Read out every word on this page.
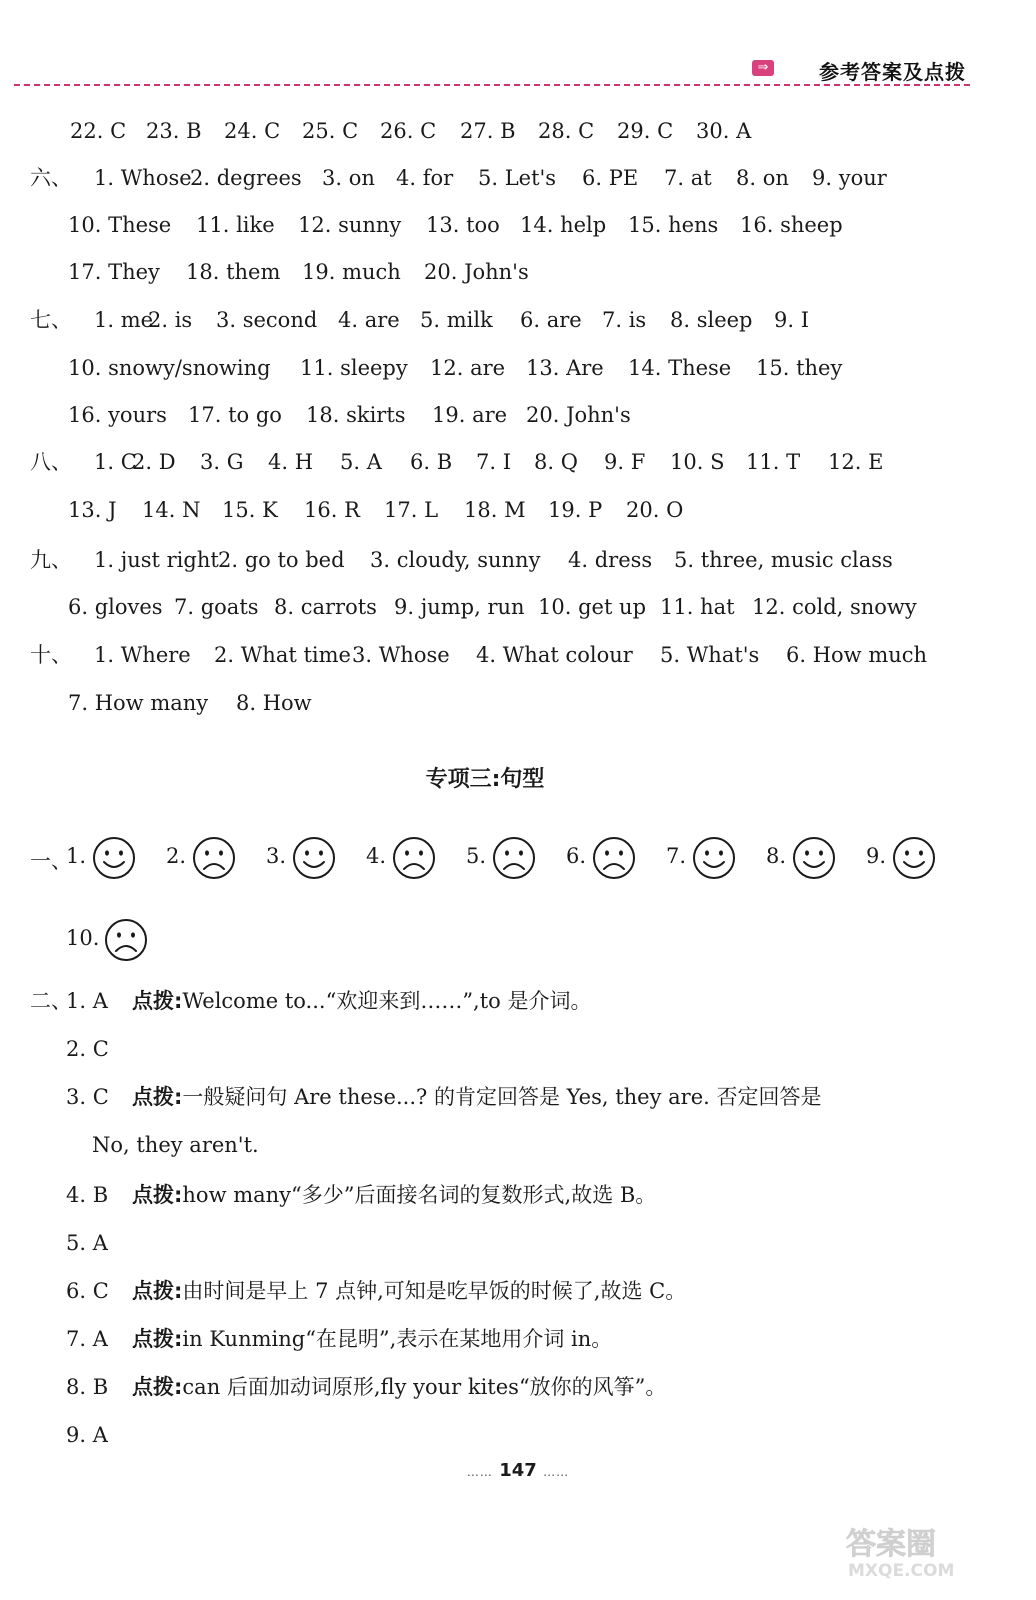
⇒	参考答案及点拨
22. C 23. B 24. C 25. C 26. C 27. B 28. C 29. C 30. A
六、 1. Whose
2. degrees 3. on 4. for 5. Let's 6. PE 7. at 8. on 9. your
10. These 11. like 12. sunny 13. too 14. help 15. hens 16. sheep
17. They 18. them 19. much 20. John's
七、 1. me
2. is 3. second 4. are 5. milk 6. are 7. is 8. sleep 9. I
10. snowy/snowing 11. sleepy 12. are 13. Are 14. These 15. they
16. yours 17. to go 18. skirts 19. are 20. John's
八、 1. C
2. D 3. G 4. H 5. A 6. B 7. I 8. Q 9. F 10. S 11. T 12. E
13. J 14. N 15. K 16. R 17. L 18. M 19. P 20. O
九、 1. just right 2. go to bed 3. cloudy, sunny 4. dress 5. three, music class
6. gloves 7. goats 8. carrots 9. jump, run 10. get up 11. hat 12. cold, snowy
十、 1. Where 2. What time 3. Whose 4. What colour 5. What's 6. How much
7. How many 8. How
专项三:句型
一、
1.	2.	3.	4.	5.	6.	7.	8.	9.
10.
二、
1. A 点拨:Welcome to...“欢迎来到……”,to 是介词。
2. C
3. C 点拨:一般疑问句 Are these...? 的肯定回答是 Yes, they are. 否定回答是
No, they aren't.
4. B 点拨:how many“多少”后面接名词的复数形式,故选 B。
5. A
6. C 点拨:由时间是早上 7 点钟,可知是吃早饭的时候了,故选 C。
7. A 点拨:in Kunming“在昆明”,表示在某地用介词 in。
8. B 点拨:can 后面加动词原形,fly your kites“放你的风筝”。
9. A
…… 147 ……
答案圈
MXQE.COM
